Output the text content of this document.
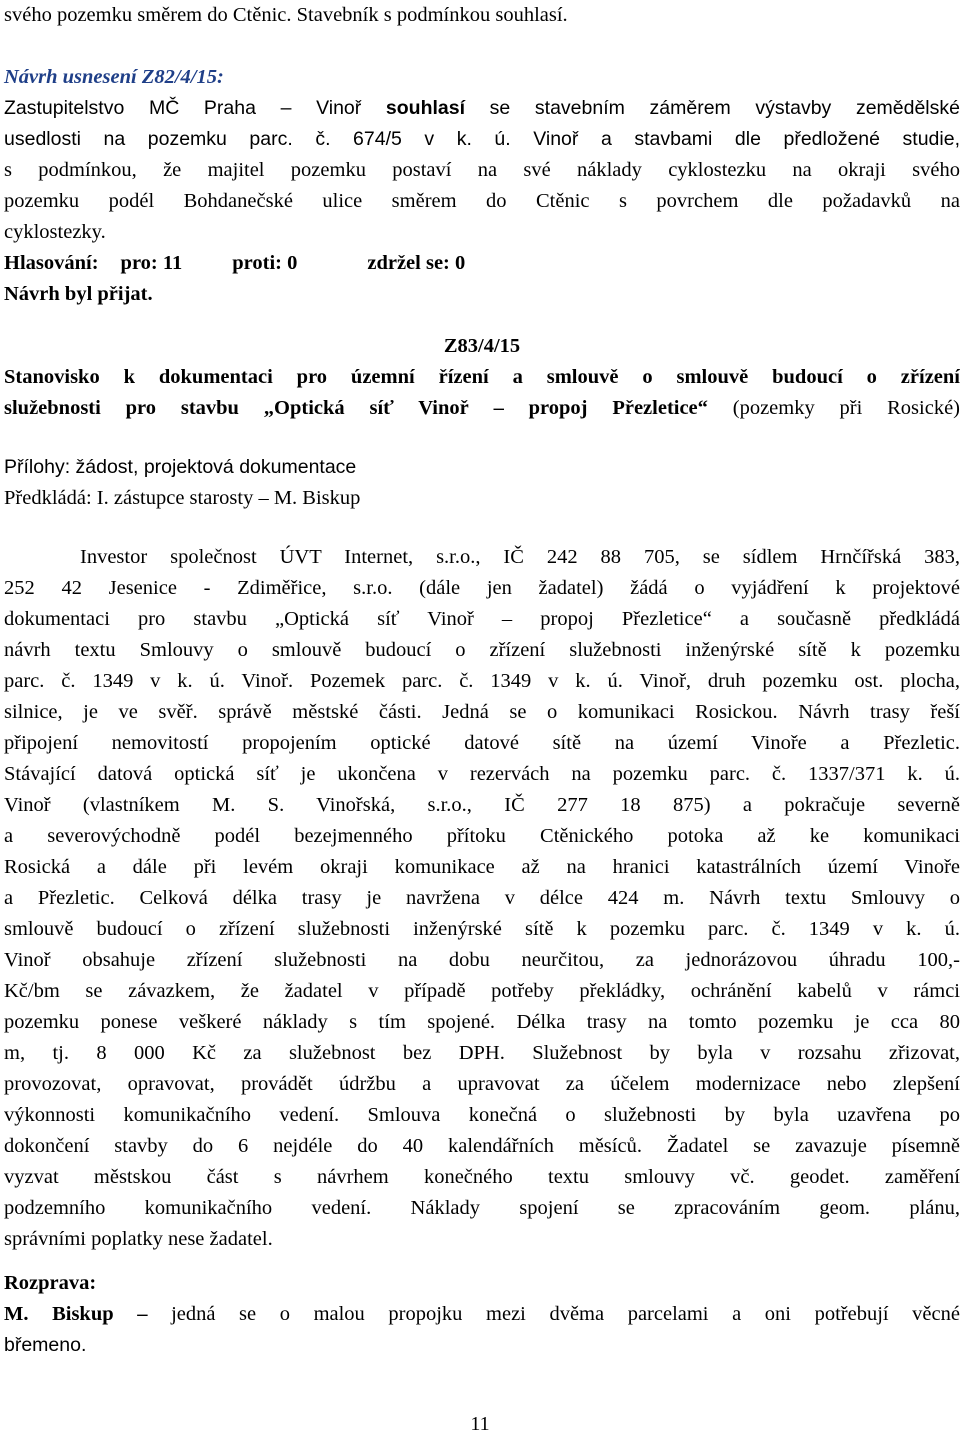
svého pozemku směrem do Ctěnic. Stavebník s podmínkou souhlasí.

Návrh usnesení Z82/4/15:

Zastupitelstvo MČ Praha – Vinoř souhlasí se stavebním záměrem výstavby zemědělské

usedlosti na pozemku parc. č. 674/5 v k. ú. Vinoř a stavbami dle předložené studie,

s podmínkou, že majitel pozemku postaví na své náklady cyklostezku na okraji svého

pozemku podél Bohdanečské ulice směrem do Ctěnic s povrchem dle požadavků na

cyklostezky.

Hlasování: pro: 11 proti: 0	zdržel se: 0

Návrh byl přijat.

Z83/4/15

Stanovisko k dokumentaci pro územní řízení a smlouvě o smlouvě budoucí o zřízení

služebnosti pro stavbu „Optická síť Vinoř – propoj Přezletice“ (pozemky při Rosické)

Přílohy: žádost, projektová dokumentace

Předkládá: I. zástupce starosty – M. Biskup

Investor společnost ÚVT Internet, s.r.o., IČ 242 88 705, se sídlem Hrnčířská 383,

252 42 Jesenice - Zdiměřice, s.r.o. (dále jen žadatel) žádá o vyjádření k projektové

dokumentaci pro stavbu „Optická síť Vinoř – propoj Přezletice“ a současně předkládá

návrh textu Smlouvy o smlouvě budoucí o zřízení služebnosti inženýrské sítě k pozemku

parc. č. 1349 v k. ú. Vinoř. Pozemek parc. č. 1349 v k. ú. Vinoř, druh pozemku ost. plocha,

silnice, je ve svěř. správě městské části. Jedná se o komunikaci Rosickou. Návrh trasy řeší

připojení nemovitostí propojením optické datové sítě na území Vinoře a Přezletic.

Stávající datová optická síť je ukončena v rezervách na pozemku parc. č. 1337/371 k. ú.

Vinoř (vlastníkem M. S. Vinořská, s.r.o., IČ 277 18 875) a pokračuje severně

a severovýchodně podél bezejmenného přítoku Ctěnického potoka až ke komunikaci

Rosická a dále při levém okraji komunikace až na hranici katastrálních území Vinoře

a Přezletic. Celková délka trasy je navržena v délce 424 m. Návrh textu Smlouvy o

smlouvě budoucí o zřízení služebnosti inženýrské sítě k pozemku parc. č. 1349 v k. ú.

Vinoř obsahuje zřízení služebnosti na dobu neurčitou, za jednorázovou úhradu 100,-

Kč/bm se závazkem, že žadatel v případě potřeby překládky, ochránění kabelů v rámci

pozemku ponese veškeré náklady s tím spojené. Délka trasy na tomto pozemku je cca 80

m, tj. 8 000 Kč za služebnost bez DPH. Služebnost by byla v rozsahu zřizovat,

provozovat, opravovat, provádět údržbu a upravovat za účelem modernizace nebo zlepšení

výkonnosti komunikačního vedení. Smlouva konečná o služebnosti by byla uzavřena po

dokončení stavby do 6 nejdéle do 40 kalendářních měsíců. Žadatel se zavazuje písemně

vyzvat městskou část s návrhem konečného textu smlouvy vč. geodet. zaměření

podzemního komunikačního vedení. Náklady spojení se zpracováním geom. plánu,

správními poplatky nese žadatel.

Rozprava:

M. Biskup – jedná se o malou propojku mezi dvěma parcelami a oni potřebují věcné

břemeno.

11
